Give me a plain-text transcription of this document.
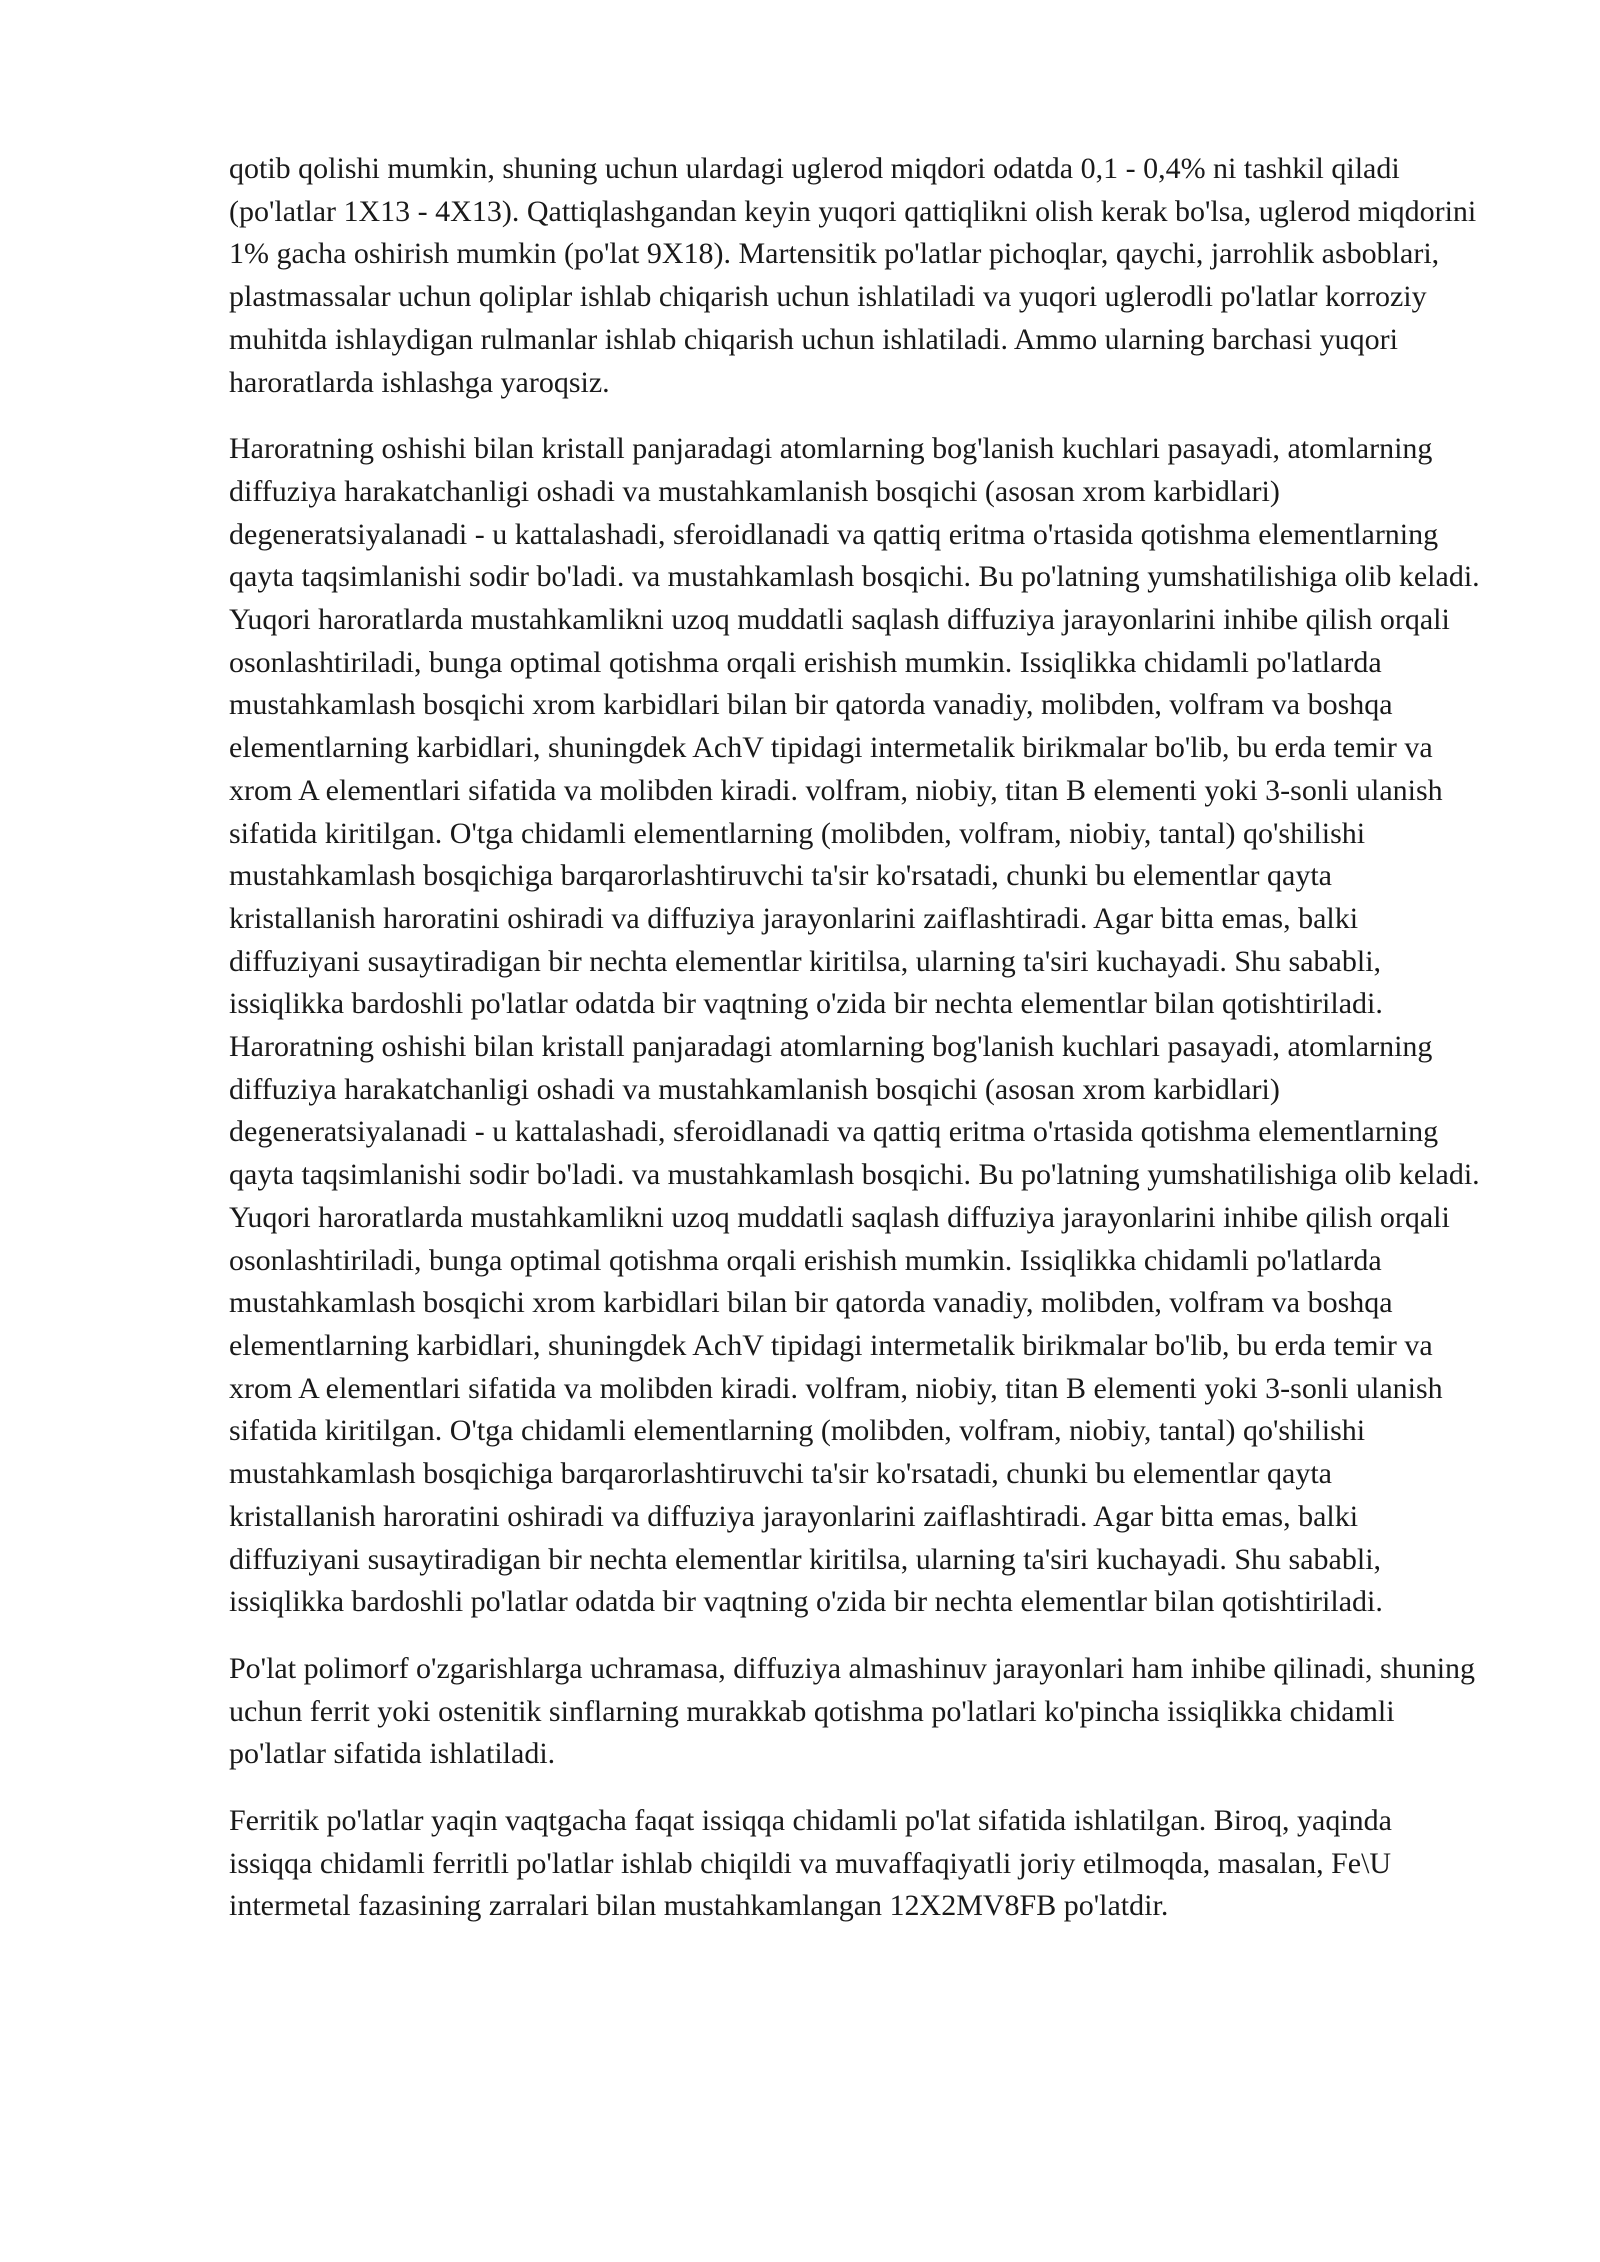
qotib qolishi mumkin, shuning uchun ulardagi uglerod miqdori odatda 0,1 - 0,4% ni tashkil qiladi (po'latlar 1X13 - 4X13). Qattiqlashgandan keyin yuqori qattiqlikni olish kerak bo'lsa, uglerod miqdorini 1% gacha oshirish mumkin (po'lat 9X18). Martensitik po'latlar pichoqlar, qaychi, jarrohlik asboblari, plastmassalar uchun qoliplar ishlab chiqarish uchun ishlatiladi va yuqori uglerodli po'latlar korroziy muhitda ishlaydigan rulmanlar ishlab chiqarish uchun ishlatiladi. Ammo ularning barchasi yuqori haroratlarda ishlashga yaroqsiz.

Haroratning oshishi bilan kristall panjaradagi atomlarning bog'lanish kuchlari pasayadi, atomlarning diffuziya harakatchanligi oshadi va mustahkamlanish bosqichi (asosan xrom karbidlari) degeneratsiyalanadi - u kattalashadi, sferoidlanadi va qattiq eritma o'rtasida qotishma elementlarning qayta taqsimlanishi sodir bo'ladi. va mustahkamlash bosqichi. Bu po'latning yumshatilishiga olib keladi. Yuqori haroratlarda mustahkamlikni uzoq muddatli saqlash diffuziya jarayonlarini inhibe qilish orqali osonlashtiriladi, bunga optimal qotishma orqali erishish mumkin. Issiqlikka chidamli po'latlarda mustahkamlash bosqichi xrom karbidlari bilan bir qatorda vanadiy, molibden, volfram va boshqa elementlarning karbidlari, shuningdek AchV tipidagi intermetalik birikmalar bo'lib, bu erda temir va xrom A elementlari sifatida va molibden kiradi. volfram, niobiy, titan B elementi yoki 3-sonli ulanish sifatida kiritilgan. O'tga chidamli elementlarning (molibden, volfram, niobiy, tantal) qo'shilishi mustahkamlash bosqichiga barqarorlashtiruvchi ta'sir ko'rsatadi, chunki bu elementlar qayta kristallanish haroratini oshiradi va diffuziya jarayonlarini zaiflashtiradi. Agar bitta emas, balki diffuziyani susaytiradigan bir nechta elementlar kiritilsa, ularning ta'siri kuchayadi. Shu sababli, issiqlikka bardoshli po'latlar odatda bir vaqtning o'zida bir nechta elementlar bilan qotishtiriladi. Haroratning oshishi bilan kristall panjaradagi atomlarning bog'lanish kuchlari pasayadi, atomlarning diffuziya harakatchanligi oshadi va mustahkamlanish bosqichi (asosan xrom karbidlari) degeneratsiyalanadi - u kattalashadi, sferoidlanadi va qattiq eritma o'rtasida qotishma elementlarning qayta taqsimlanishi sodir bo'ladi. va mustahkamlash bosqichi. Bu po'latning yumshatilishiga olib keladi. Yuqori haroratlarda mustahkamlikni uzoq muddatli saqlash diffuziya jarayonlarini inhibe qilish orqali osonlashtiriladi, bunga optimal qotishma orqali erishish mumkin. Issiqlikka chidamli po'latlarda mustahkamlash bosqichi xrom karbidlari bilan bir qatorda vanadiy, molibden, volfram va boshqa elementlarning karbidlari, shuningdek AchV tipidagi intermetalik birikmalar bo'lib, bu erda temir va xrom A elementlari sifatida va molibden kiradi. volfram, niobiy, titan B elementi yoki 3-sonli ulanish sifatida kiritilgan. O'tga chidamli elementlarning (molibden, volfram, niobiy, tantal) qo'shilishi mustahkamlash bosqichiga barqarorlashtiruvchi ta'sir ko'rsatadi, chunki bu elementlar qayta kristallanish haroratini oshiradi va diffuziya jarayonlarini zaiflashtiradi. Agar bitta emas, balki diffuziyani susaytiradigan bir nechta elementlar kiritilsa, ularning ta'siri kuchayadi. Shu sababli, issiqlikka bardoshli po'latlar odatda bir vaqtning o'zida bir nechta elementlar bilan qotishtiriladi.

Po'lat polimorf o'zgarishlarga uchramasa, diffuziya almashinuv jarayonlari ham inhibe qilinadi, shuning uchun ferrit yoki ostenitik sinflarning murakkab qotishma po'latlari ko'pincha issiqlikka chidamli po'latlar sifatida ishlatiladi.

Ferritik po'latlar yaqin vaqtgacha faqat issiqqa chidamli po'lat sifatida ishlatilgan. Biroq, yaqinda issiqqa chidamli ferritli po'latlar ishlab chiqildi va muvaffaqiyatli joriy etilmoqda, masalan, Fe\U intermetal fazasining zarralari bilan mustahkamlangan 12X2MV8FB po'latdir.
